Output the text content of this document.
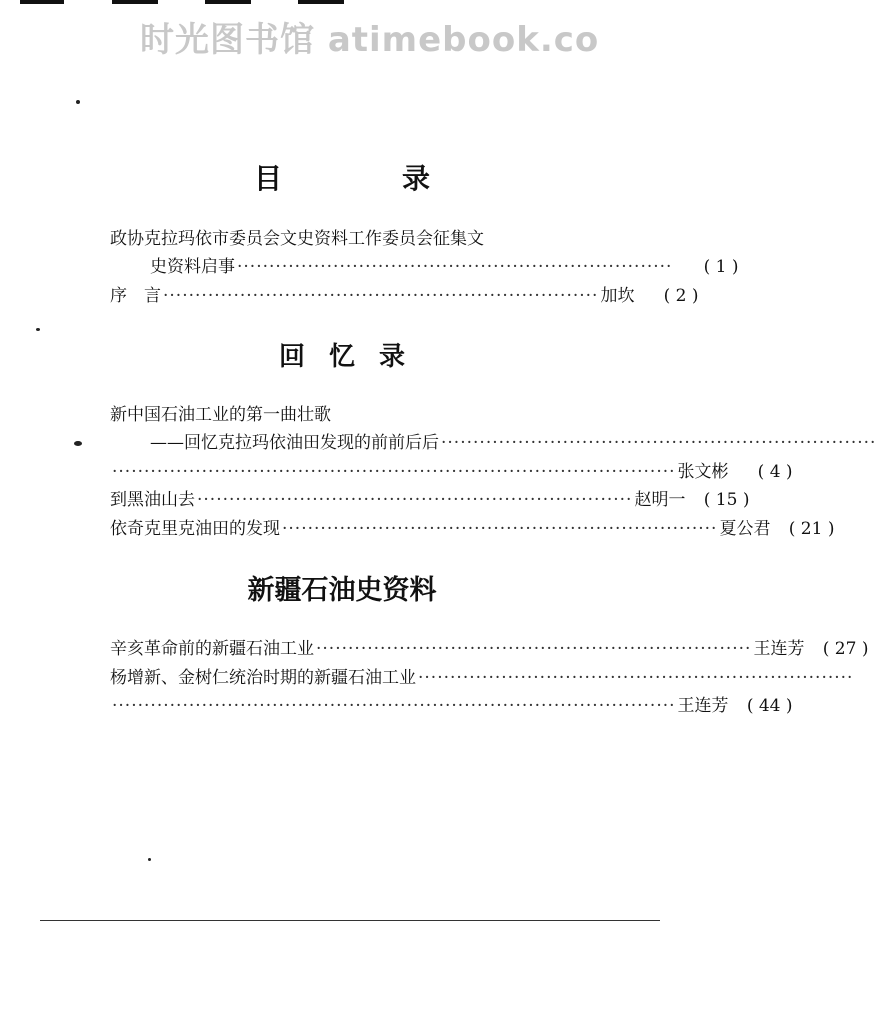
时光图书馆 atimebook.co
目	录
政协克拉玛依市委员会文史资料工作委员会征集文
史资料启事 ····································································	( 1 )
序　言 ···································································· 加坎	( 2 )
回 忆 录
新中国石油工业的第一曲壮歌
——回忆克拉玛依油田发现的前前后后 ····································································
························································································ 张文彬	( 4 )
到黑油山去 ···································································· 赵明一	( 15 )
依奇克里克油田的发现 ···································································· 夏公君	( 21 )
新疆石油史资料
辛亥革命前的新疆石油工业 ···································································· 王连芳	( 27 )
杨增新、金树仁统治时期的新疆石油工业 ····································································
························································································ 王连芳	( 44 )
